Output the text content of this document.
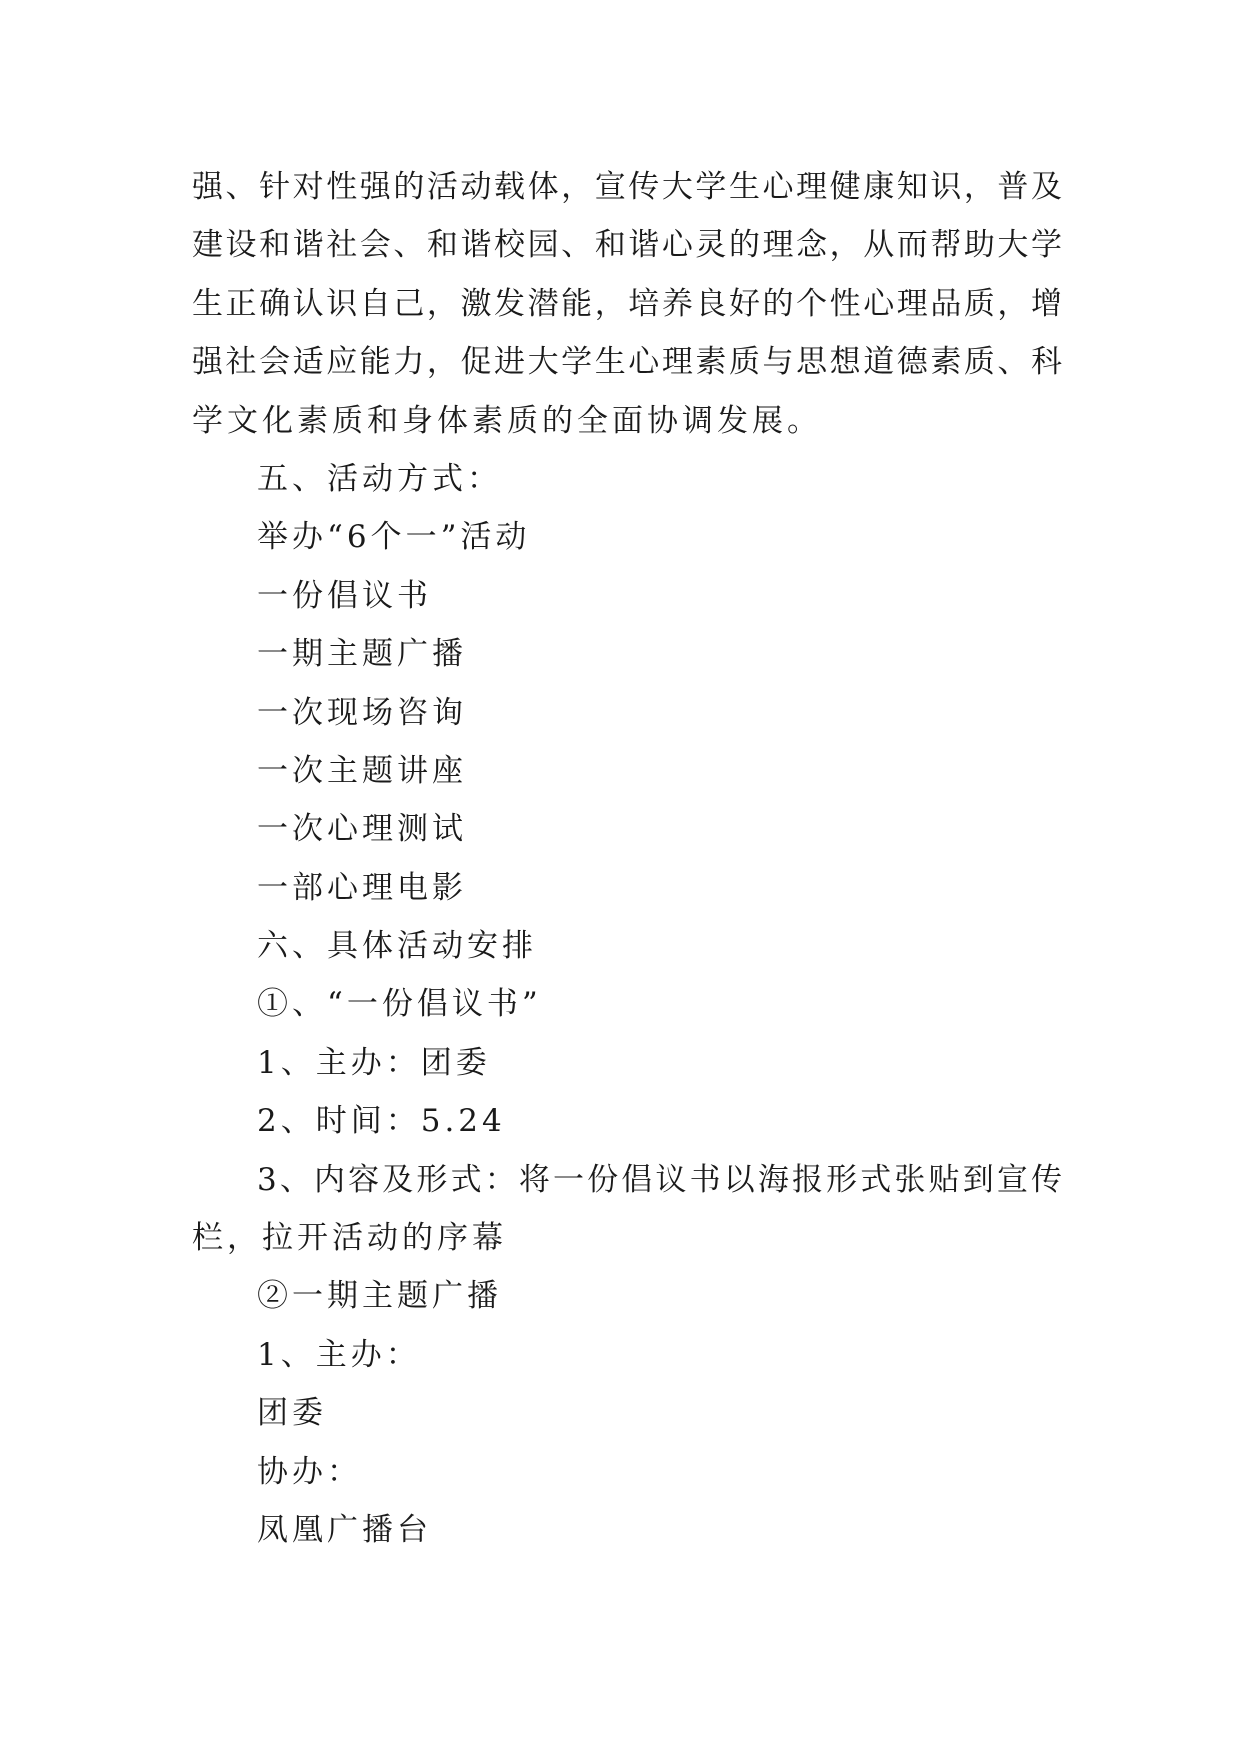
强、针对性强的活动载体，宣传大学生心理健康知识，普及
建设和谐社会、和谐校园、和谐心灵的理念，从而帮助大学
生正确认识自己，激发潜能，培养良好的个性心理品质，增
强社会适应能力，促进大学生心理素质与思想道德素质、科
学文化素质和身体素质的全面协调发展。
五、活动方式：
举办“6个一”活动
一份倡议书
一期主题广播
一次现场咨询
一次主题讲座
一次心理测试
一部心理电影
六、具体活动安排
①、“一份倡议书”
1、主办：团委
2、时间：5.24
3、内容及形式：将一份倡议书以海报形式张贴到宣传
栏，拉开活动的序幕
②一期主题广播
1、主办：
团委
协办：
凤凰广播台
